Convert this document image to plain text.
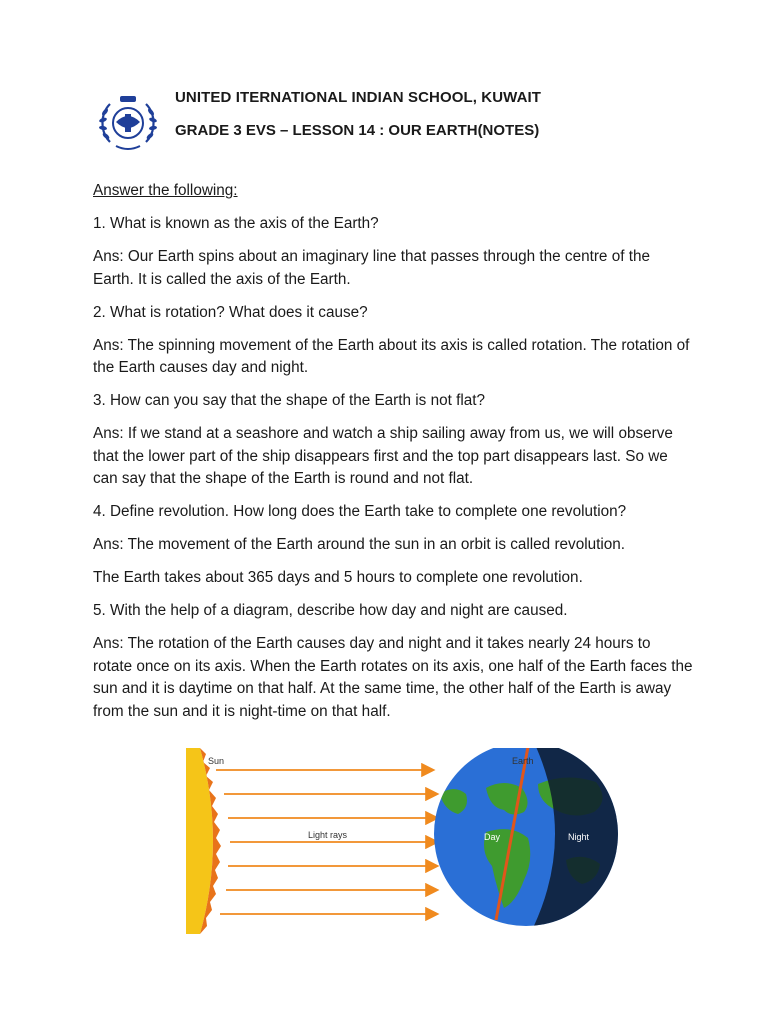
UNITED ITERNATIONAL INDIAN SCHOOL, KUWAIT
GRADE 3 EVS – LESSON 14 : OUR EARTH(NOTES)

Answer the following:

1. What is known as the axis of the Earth?

Ans: Our Earth spins about an imaginary line that passes through the centre of the Earth. It is called the axis of the Earth.

2. What is rotation? What does it cause?

Ans: The spinning movement of the Earth about its axis is called rotation. The rotation of the Earth causes day and night.

3. How can you say that the shape of the Earth is not flat?

Ans: If we stand at a seashore and watch a ship sailing away from us, we will observe that the lower part of the ship disappears first and the top part disappears last. So we can say that the shape of the Earth is round and not flat.

4. Define revolution. How long does the Earth take to complete one revolution?

Ans: The movement of the Earth around the sun in an orbit is called revolution.

The Earth takes about 365 days and 5 hours to complete one revolution.

5. With the help of a diagram, describe how day and night are caused.

Ans: The rotation of the Earth causes day and night and it takes nearly 24 hours to rotate once on its axis. When the Earth rotates on its axis, one half of the Earth faces the sun and it is daytime on that half. At the same time, the other half of the Earth is away from the sun and it is night-time on that half.

Sun	Earth
Light rays	Day	Night
